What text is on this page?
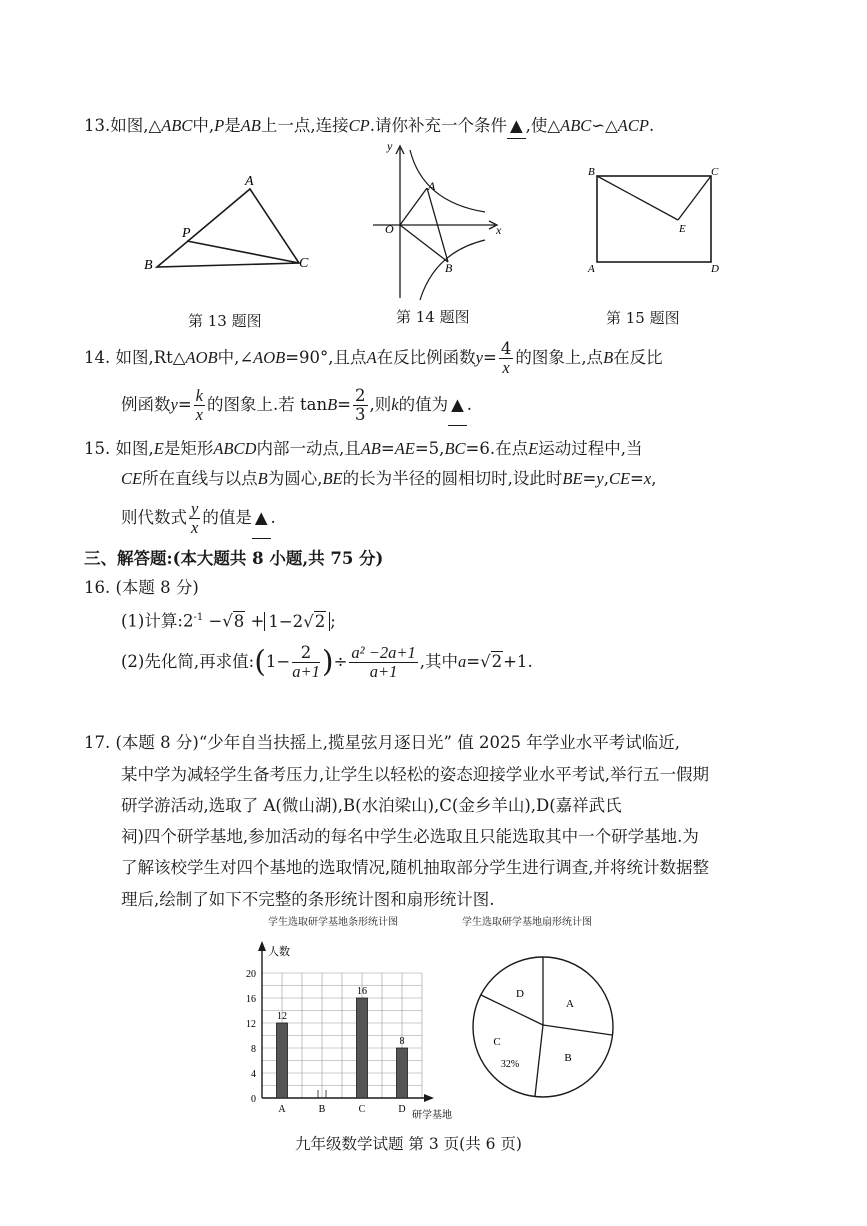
13.如图,△ABC中,P是AB上一点,连接CP.请你补充一个条件 ▲ ,使△ABC∽△ACP.
A
B	C
P
第 13 题图
y
x
O
A
B
第 14 题图
B	C
A	D
E
第 15 题图
14. 如图,Rt△AOB中,∠AOB=90°,且点A在反比例函数$y= \frac{4}{x}$ 的图象上,点B在反比
例函数$y= \frac{k}{x}$ 的图象上.若 $\tan B= \frac{2}{3}$ ,则k的值为 ▲ .
15. 如图,E是矩形ABCD内部一动点,且AB=AE=5,BC=6.在点E运动过程中,当
CE所在直线与以点B为圆心,BE的长为半径的圆相切时,设此时BE=y,CE=x,
则代数式 $\frac{y}{x}$ 的值是 ▲ .
三、解答题:(本大题共 8 小题,共 75 分)
16. (本题 8 分)
(1)计算$:2^{-1} -√8 + 1-2√2$ ;
(2)先化简,再求值:(1− $\frac{2}{a+1}$ )÷ $\frac{\text{a² −2a+1}}{a+1}$ ,其中a=√2+1.
17. (本题 8 分)“少年自当扶摇上,揽星弦月逐日光” 值 2025 年学业水平考试临近,
某中学为减轻学生备考压力,让学生以轻松的姿态迎接学业水平考试,举行五一假期
研学游活动,选取了 A(微山湖),B(水泊梁山),C(金乡羊山),D(嘉祥武氏
祠)四个研学基地,参加活动的每名中学生必选取且只能选取其中一个研学基地.为
了解该校学生对四个基地的选取情况,随机抽取部分学生进行调查,并将统计数据整
理后,绘制了如下不完整的条形统计图和扇形统计图.
学生选取研学基地条形统计图
人数
研学基地
0
4
8
12
16
20
A
12
B	C
16
D
8
学生选取研学基地扇形统计图
A
B
C
D
32%
九年级数学试题 第 3 页(共 6 页)
